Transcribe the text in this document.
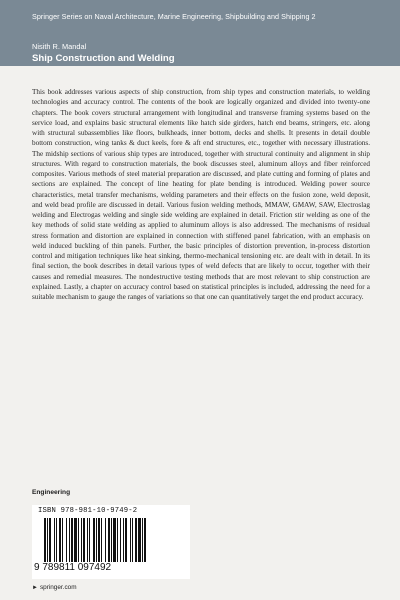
Springer Series on Naval Architecture, Marine Engineering, Shipbuilding and Shipping 2
Nisith R. Mandal
Ship Construction and Welding

This book addresses various aspects of ship construction, from ship types and construction materials, to welding technologies and accuracy control. The contents of the book are logically organized and divided into twenty-one chapters. The book covers structural arrangement with longitudinal and transverse framing systems based on the service load, and explains basic structural elements like hatch side girders, hatch end beams, stringers, etc. along with structural subassemblies like floors, bulkheads, inner bottom, decks and shells. It presents in detail double bottom construction, wing tanks & duct keels, fore & aft end structures, etc., together with necessary illustrations. The midship sections of various ship types are introduced, together with structural continuity and alignment in ship structures. With regard to construction materials, the book discusses steel, aluminum alloys and fiber reinforced composites. Various methods of steel material preparation are discussed, and plate cutting and forming of plates and sections are explained. The concept of line heating for plate bending is introduced. Welding power source characteristics, metal transfer mechanisms, welding parameters and their effects on the fusion zone, weld deposit, and weld bead profile are discussed in detail. Various fusion welding methods, MMAW, GMAW, SAW, Electroslag welding and Electrogas welding and single side welding are explained in detail. Friction stir welding as one of the key methods of solid state welding as applied to aluminum alloys is also addressed. The mechanisms of residual stress formation and distortion are explained in connection with stiffened panel fabrication, with an emphasis on weld induced buckling of thin panels. Further, the basic principles of distortion prevention, in-process distortion control and mitigation techniques like heat sinking, thermo-mechanical tensioning etc. are dealt with in detail. In its final section, the book describes in detail various types of weld defects that are likely to occur, together with their causes and remedial measures. The nondestructive testing methods that are most relevant to ship construction are explained. Lastly, a chapter on accuracy control based on statistical principles is included, addressing the need for a suitable mechanism to gauge the ranges of variations so that one can quantitatively target the end product accuracy.

Engineering
ISBN 978-981-10-9749-2
9 789811 097492
► springer.com
